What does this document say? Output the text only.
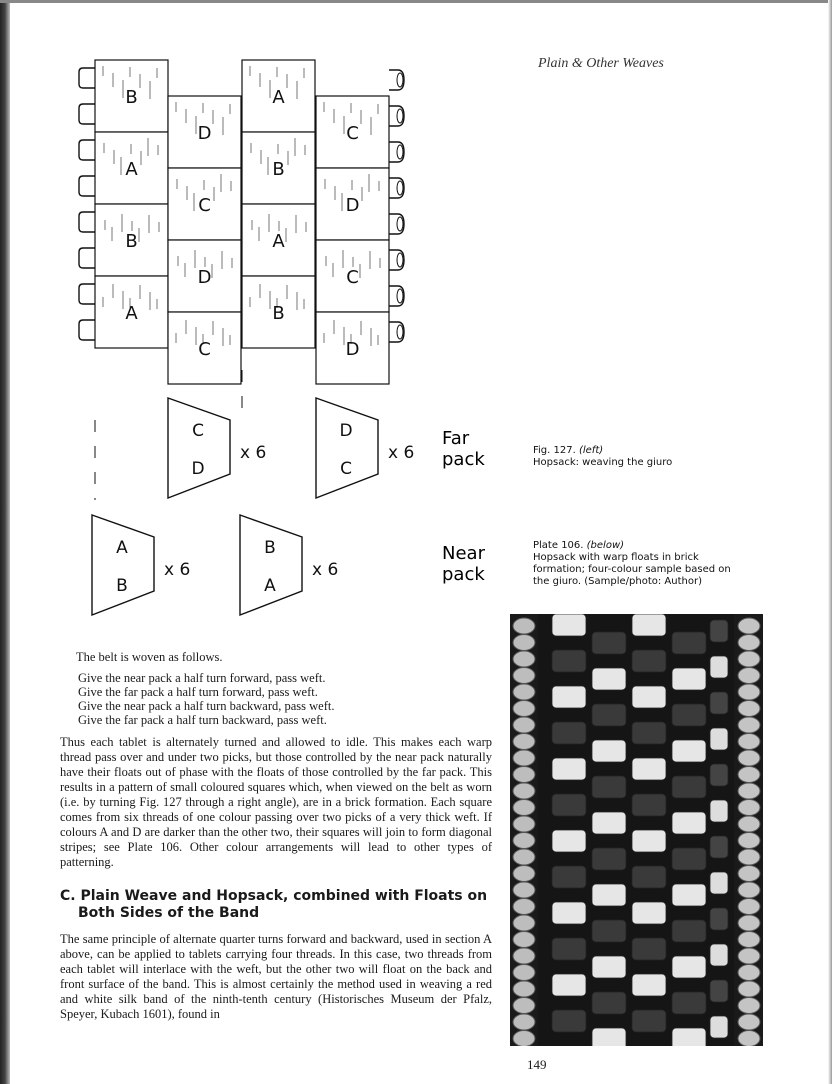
Plain & Other Weaves
B
A
B
A
D
C
D
C
A
B
A
B
C
D
C
D
C
D
x 6
D
C
x 6
A
B
x 6
B
A
x 6
Far
pack
Near
pack
Fig. 127. (left)
Hopsack: weaving the giuro
Plate 106. (below)
Hopsack with warp floats in brick formation; four-colour sample based on the giuro. (Sample/photo: Author)

The belt is woven as follows.

Give the near pack a half turn forward, pass weft.
Give the far pack a half turn forward, pass weft.
Give the near pack a half turn backward, pass weft.
Give the far pack a half turn backward, pass weft.

Thus each tablet is alternately turned and allowed to idle. This makes each warp thread pass over and under two picks, but those controlled by the near pack naturally have their floats out of phase with the floats of those controlled by the far pack. This results in a pattern of small coloured squares which, when viewed on the belt as worn (i.e. by turning Fig. 127 through a right angle), are in a brick formation. Each square comes from six threads of one colour passing over two picks of a very thick weft. If colours A and D are darker than the other two, their squares will join to form diagonal stripes; see Plate 106. Other colour arrangements will lead to other types of patterning.

C. Plain Weave and Hopsack, combined with Floats on Both Sides of the Band

The same principle of alternate quarter turns forward and backward, used in section A above, can be applied to tablets carrying four threads. In this case, two threads from each tablet will interlace with the weft, but the other two will float on the back and front surface of the band. This is almost certainly the method used in weaving a red and white silk band of the ninth-tenth century (Historisches Museum der Pfalz, Speyer, Kubach 1601), found in

149
